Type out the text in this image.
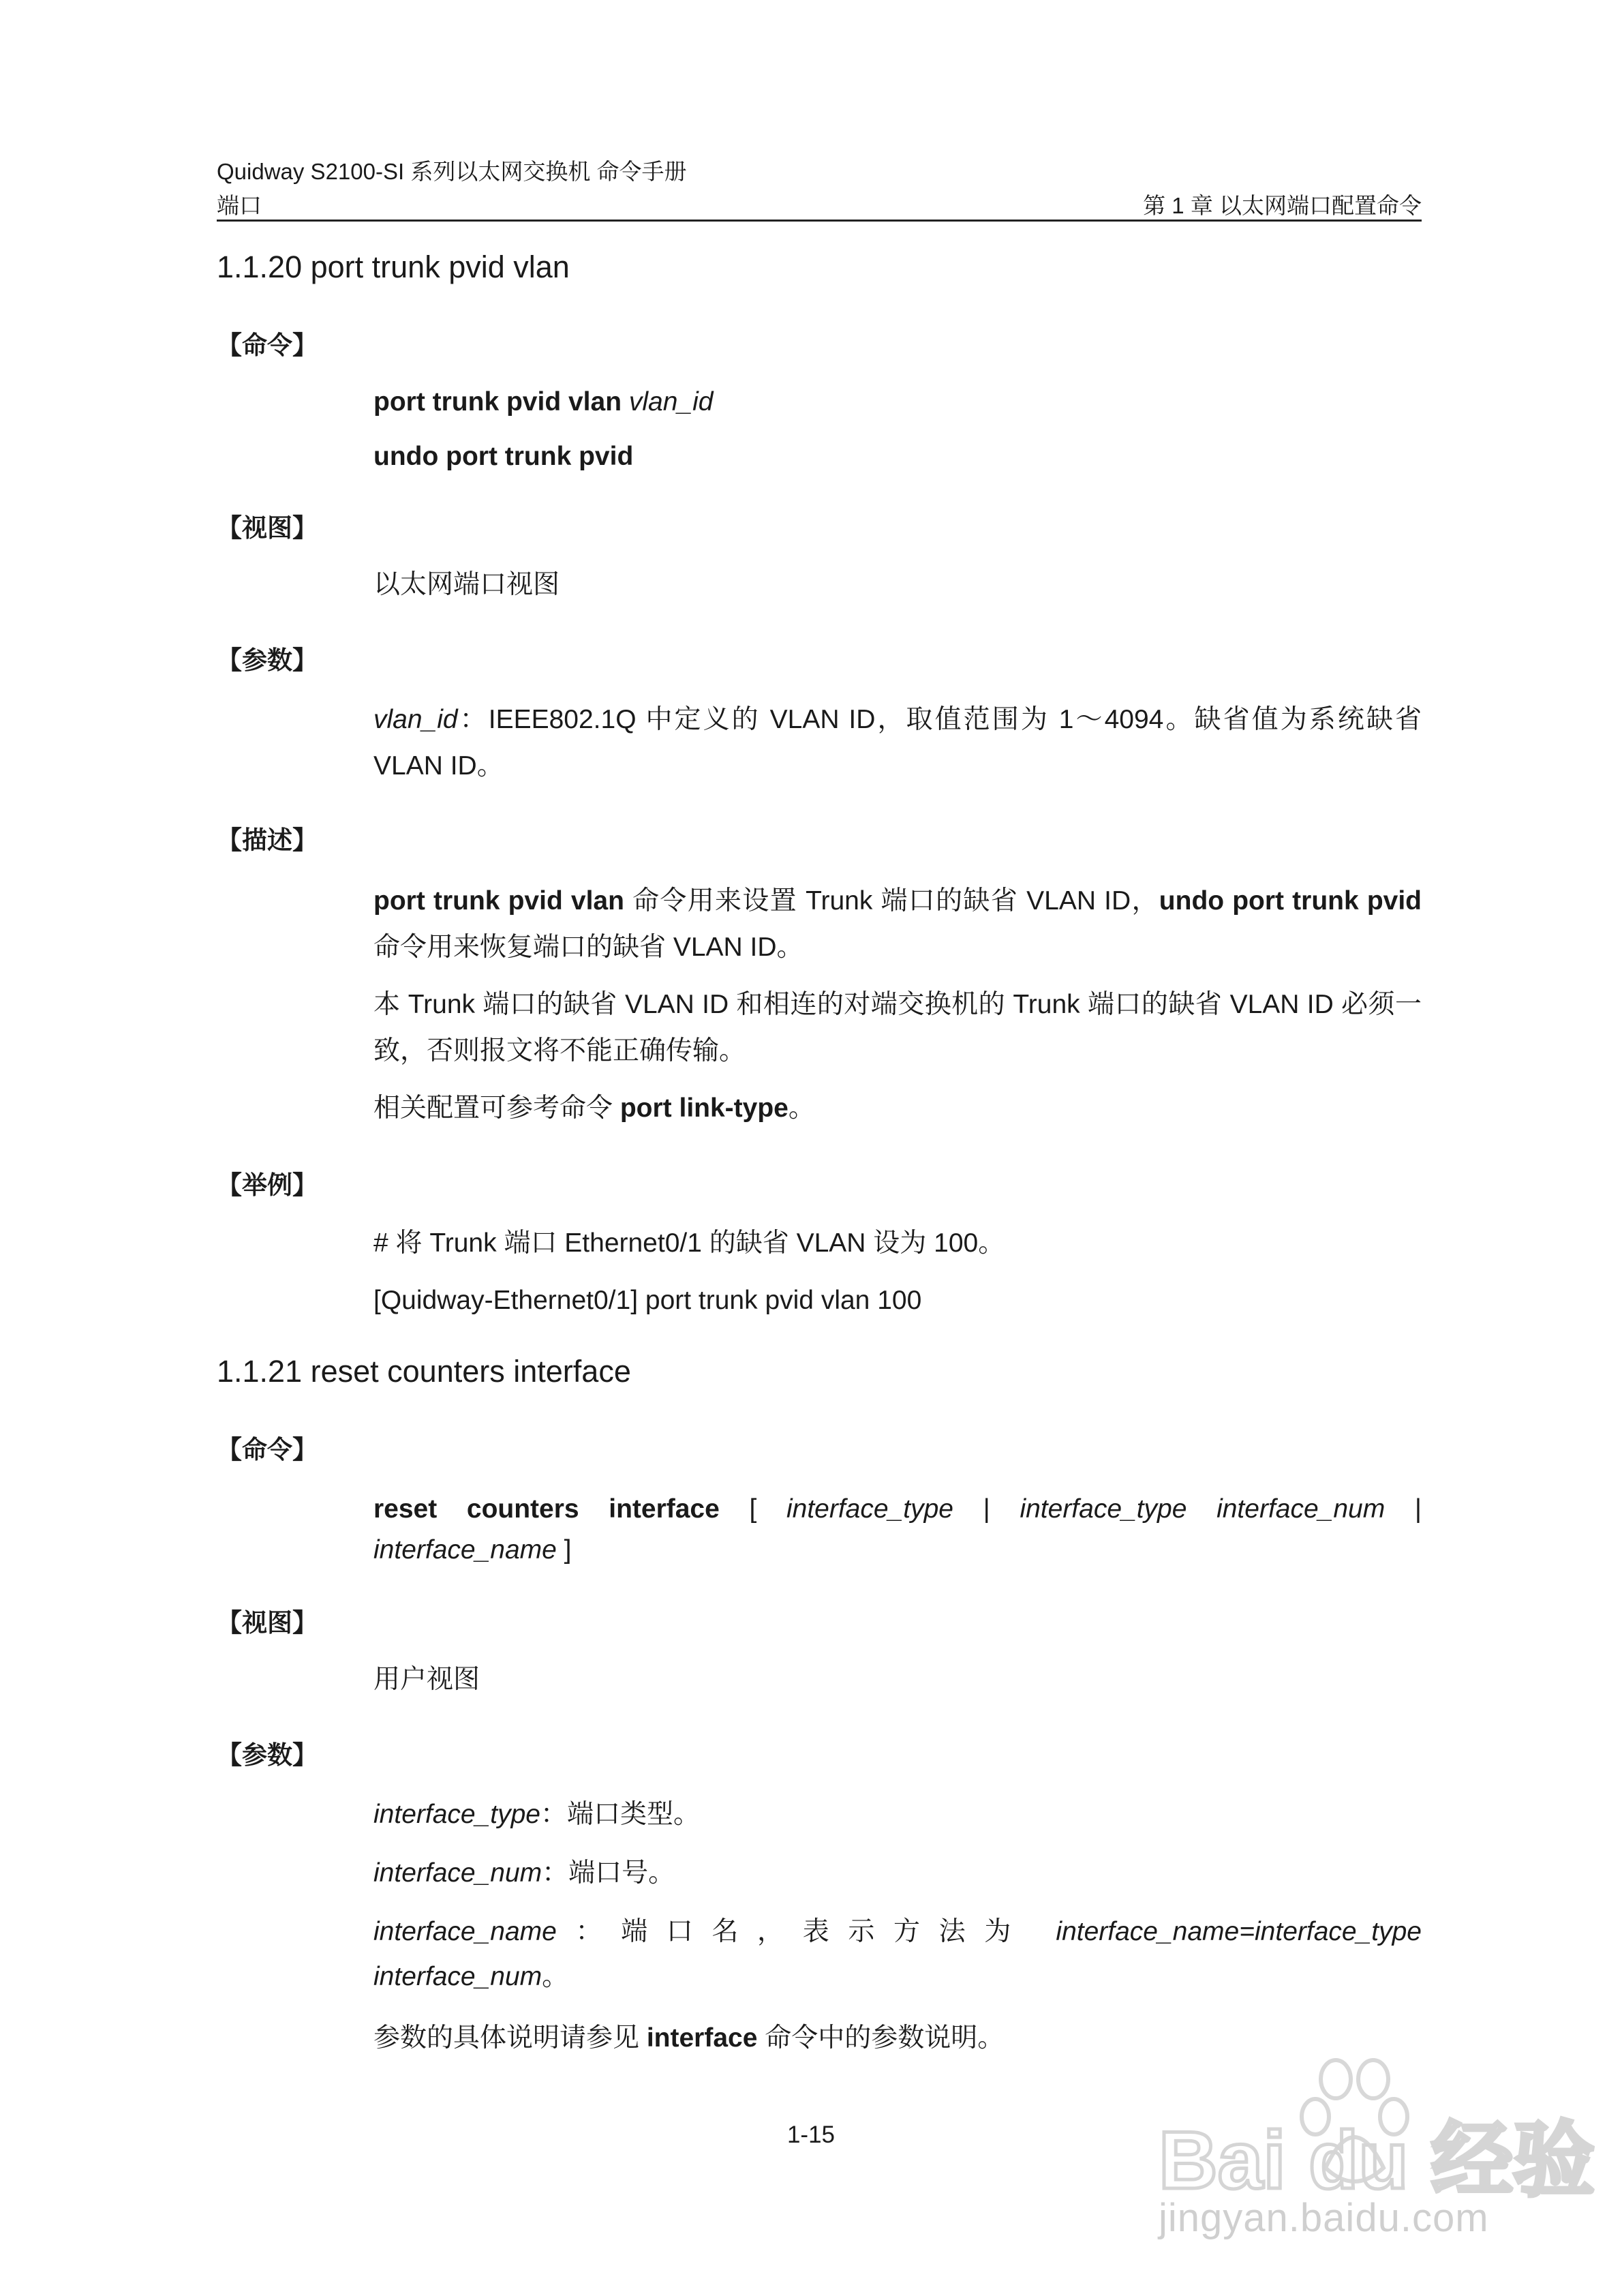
Quidway S2100-SI 系列以太网交换机 命令手册
端口	第 1 章 以太网端口配置命令
1.1.20 port trunk pvid vlan
【命令】
port trunk pvid vlan vlan_id
undo port trunk pvid
【视图】
以太网端口视图
【参数】
vlan_id：IEEE802.1Q 中定义的 VLAN ID，取值范围为 1～4094。缺省值为系统缺省 VLAN ID。
【描述】
port trunk pvid vlan 命令用来设置 Trunk 端口的缺省 VLAN ID，undo port trunk pvid 命令用来恢复端口的缺省 VLAN ID。
本 Trunk 端口的缺省 VLAN ID 和相连的对端交换机的 Trunk 端口的缺省 VLAN ID 必须一致，否则报文将不能正确传输。
相关配置可参考命令 port link-type。
【举例】
# 将 Trunk 端口 Ethernet0/1 的缺省 VLAN 设为 100。
[Quidway-Ethernet0/1] port trunk pvid vlan 100
1.1.21 reset counters interface
【命令】
reset counters interface [ interface_type | interface_type interface_num |
interface_name ]
【视图】
用户视图
【参数】
interface_type：端口类型。
interface_num：端口号。
interface_name：端口名，表示方法为 interface_name=interface_type
interface_num。
参数的具体说明请参见 interface 命令中的参数说明。
1-15	Bai du 经验
jingyan.baidu.com
